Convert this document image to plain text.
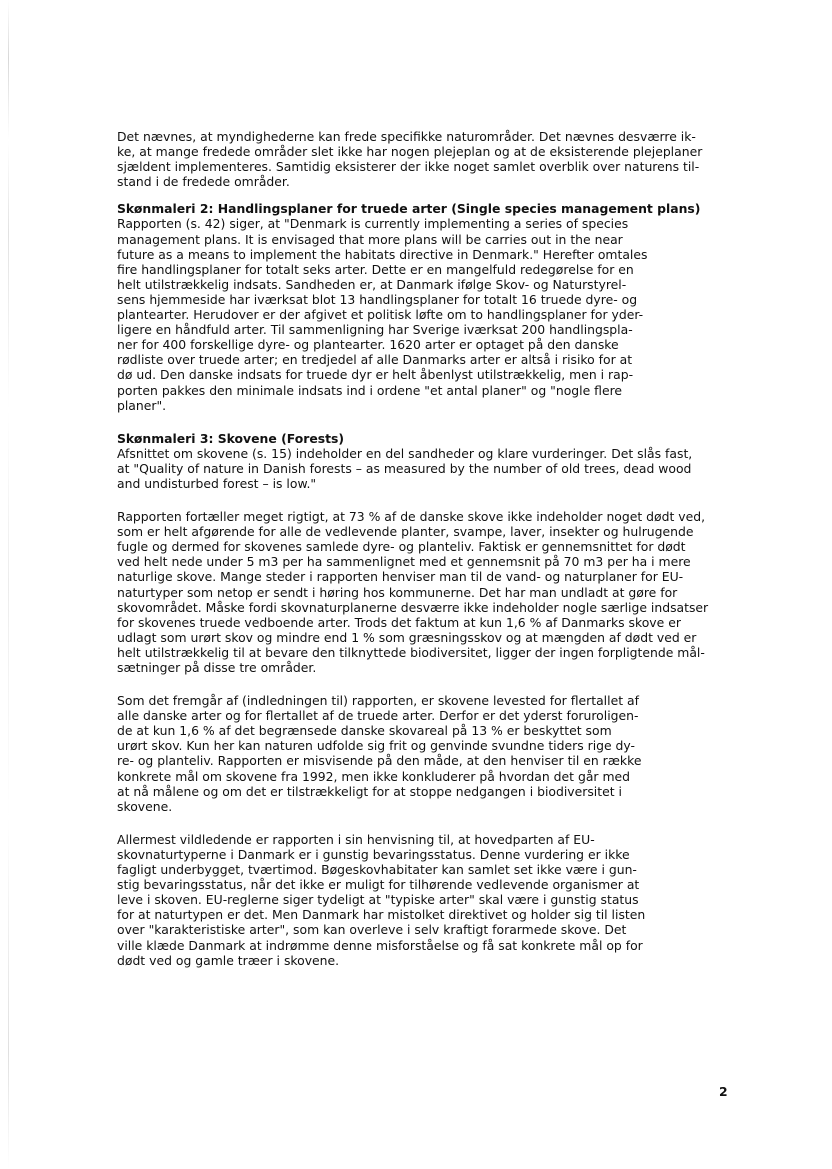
Det nævnes, at myndighederne kan frede specifikke naturområder. Det nævnes desværre ik-
ke, at mange fredede områder slet ikke har nogen plejeplan og at de eksisterende plejeplaner
sjældent implementeres. Samtidig eksisterer der ikke noget samlet overblik over naturens til-
stand i de fredede områder.

Skønmaleri 2: Handlingsplaner for truede arter (Single species management plans)
Rapporten (s. 42) siger, at "Denmark is currently implementing a series of species
management plans. It is envisaged that more plans will be carries out in the near
future as a means to implement the habitats directive in Denmark." Herefter omtales
fire handlingsplaner for totalt seks arter. Dette er en mangelfuld redegørelse for en
helt utilstrækkelig indsats. Sandheden er, at Danmark ifølge Skov- og Naturstyrel-
sens hjemmeside har iværksat blot 13 handlingsplaner for totalt 16 truede dyre- og
plantearter. Herudover er der afgivet et politisk løfte om to handlingsplaner for yder-
ligere en håndfuld arter. Til sammenligning har Sverige iværksat 200 handlingspla-
ner for 400 forskellige dyre- og plantearter. 1620 arter er optaget på den danske
rødliste over truede arter; en tredjedel af alle Danmarks arter er altså i risiko for at
dø ud. Den danske indsats for truede dyr er helt åbenlyst utilstrækkelig, men i rap-
porten pakkes den minimale indsats ind i ordene "et antal planer" og "nogle flere
planer".

Skønmaleri 3: Skovene (Forests)
Afsnittet om skovene (s. 15) indeholder en del sandheder og klare vurderinger. Det slås fast,
at "Quality of nature in Danish forests – as measured by the number of old trees, dead wood
and undisturbed forest – is low."

Rapporten fortæller meget rigtigt, at 73 % af de danske skove ikke indeholder noget dødt ved,
som er helt afgørende for alle de vedlevende planter, svampe, laver, insekter og hulrugende
fugle og dermed for skovenes samlede dyre- og planteliv. Faktisk er gennemsnittet for dødt
ved helt nede under 5 m3 per ha sammenlignet med et gennemsnit på 70 m3 per ha i mere
naturlige skove. Mange steder i rapporten henviser man til de vand- og naturplaner for EU-
naturtyper som netop er sendt i høring hos kommunerne. Det har man undladt at gøre for
skovområdet. Måske fordi skovnaturplanerne desværre ikke indeholder nogle særlige indsatser
for skovenes truede vedboende arter. Trods det faktum at kun 1,6 % af Danmarks skove er
udlagt som urørt skov og mindre end 1 % som græsningsskov og at mængden af dødt ved er
helt utilstrækkelig til at bevare den tilknyttede biodiversitet, ligger der ingen forpligtende mål-
sætninger på disse tre områder.

Som det fremgår af (indledningen til) rapporten, er skovene levested for flertallet af
alle danske arter og for flertallet af de truede arter. Derfor er det yderst foruroligen-
de at kun 1,6 % af det begrænsede danske skovareal på 13 % er beskyttet som
urørt skov. Kun her kan naturen udfolde sig frit og genvinde svundne tiders rige dy-
re- og planteliv. Rapporten er misvisende på den måde, at den henviser til en række
konkrete mål om skovene fra 1992, men ikke konkluderer på hvordan det går med
at nå målene og om det er tilstrækkeligt for at stoppe nedgangen i biodiversitet i
skovene.

Allermest vildledende er rapporten i sin henvisning til, at hovedparten af EU-
skovnaturtyperne i Danmark er i gunstig bevaringsstatus. Denne vurdering er ikke
fagligt underbygget, tværtimod. Bøgeskovhabitater kan samlet set ikke være i gun-
stig bevaringsstatus, når det ikke er muligt for tilhørende vedlevende organismer at
leve i skoven. EU-reglerne siger tydeligt at "typiske arter" skal være i gunstig status
for at naturtypen er det. Men Danmark har mistolket direktivet og holder sig til listen
over "karakteristiske arter", som kan overleve i selv kraftigt forarmede skove. Det
ville klæde Danmark at indrømme denne misforståelse og få sat konkrete mål op for
dødt ved og gamle træer i skovene.

2
